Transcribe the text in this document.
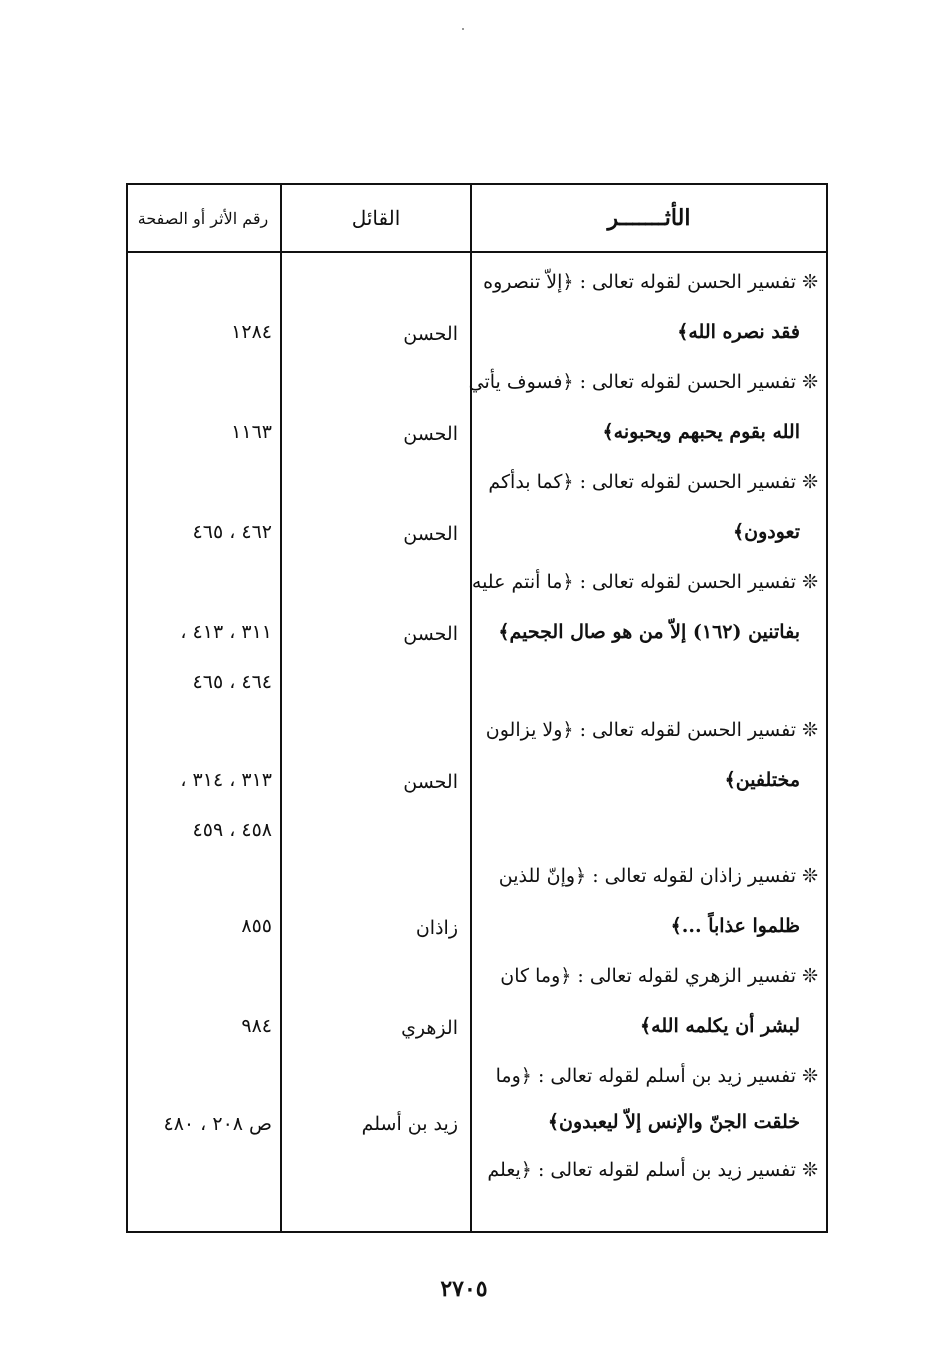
الأثـــــــر
القائل
رقم الأثر أو الصفحة
❊ تفسير الحسن لقوله تعالى : ﴿إلاّ تنصروه
فقد نصره الله﴾
الحسن
١٢٨٤
❊ تفسير الحسن لقوله تعالى : ﴿فسوف يأتي
الله بقوم يحبهم ويحبونه﴾
الحسن
١١٦٣
❊ تفسير الحسن لقوله تعالى : ﴿كما بدأكم
تعودون﴾
الحسن
٤٦٢ ، ٤٦٥
❊ تفسير الحسن لقوله تعالى : ﴿ما أنتم عليه
بفاتنين (١٦٢) إلاّ من هو صال الجحيم﴾
الحسن
٣١١ ، ٤١٣ ،
٤٦٤ ، ٤٦٥
❊ تفسير الحسن لقوله تعالى : ﴿ولا يزالون
مختلفين﴾
الحسن
٣١٣ ، ٣١٤ ،
٤٥٨ ، ٤٥٩
❊ تفسير زاذان لقوله تعالى : ﴿وإنّ للذين
ظلموا عذاباً ...﴾
زاذان
٨٥٥
❊ تفسير الزهري لقوله تعالى : ﴿وما كان
لبشر أن يكلمه الله﴾
الزهري
٩٨٤
❊ تفسير زيد بن أسلم لقوله تعالى : ﴿وما
خلقت الجنّ والإنس إلاّ ليعبدون﴾
زيد بن أسلم
ص ٢٠٨ ، ٤٨٠
❊ تفسير زيد بن أسلم لقوله تعالى : ﴿يعلم
٢٧٠٥
